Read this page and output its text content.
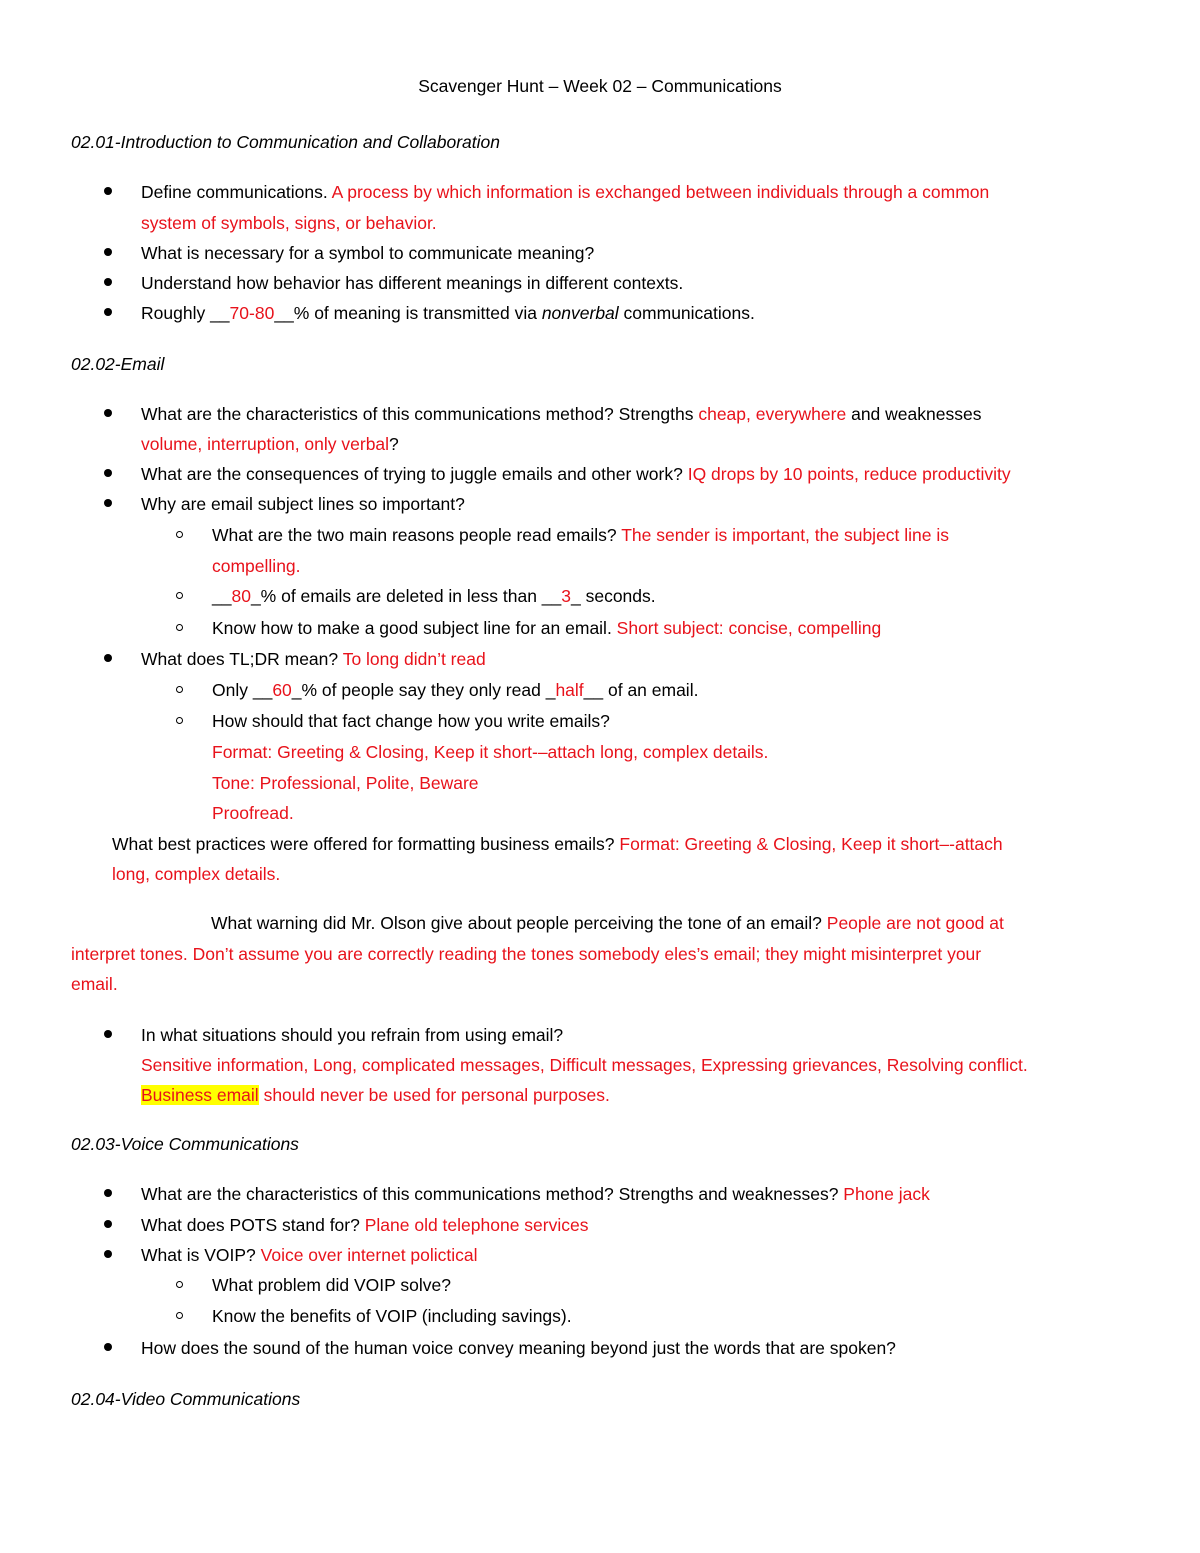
Scavenger Hunt – Week 02 – Communications
02.01-Introduction to Communication and Collaboration
Define communications. A process by which information is exchanged between individuals through a common
system of symbols, signs, or behavior.
What is necessary for a symbol to communicate meaning?
Understand how behavior has different meanings in different contexts.
Roughly __70-80__% of meaning is transmitted via nonverbal communications.
02.02-Email
What are the characteristics of this communications method? Strengths cheap, everywhere and weaknesses
volume, interruption, only verbal?
What are the consequences of trying to juggle emails and other work? IQ drops by 10 points, reduce productivity
Why are email subject lines so important?
What are the two main reasons people read emails? The sender is important, the subject line is
compelling.
__80_% of emails are deleted in less than __3_ seconds.
Know how to make a good subject line for an email. Short subject: concise, compelling
What does TL;DR mean? To long didn’t read
Only __60_% of people say they only read _half__ of an email.
How should that fact change how you write emails?
Format: Greeting & Closing, Keep it short-–attach long, complex details.
Tone: Professional, Polite, Beware
Proofread.
What best practices were offered for formatting business emails? Format: Greeting & Closing, Keep it short–-attach
long, complex details.
What warning did Mr. Olson give about people perceiving the tone of an email? People are not good at
interpret tones. Don’t assume you are correctly reading the tones somebody eles’s email; they might misinterpret your
email.
In what situations should you refrain from using email?
Sensitive information, Long, complicated messages, Difficult messages, Expressing grievances, Resolving conflict.
Business email should never be used for personal purposes.
02.03-Voice Communications
What are the characteristics of this communications method? Strengths and weaknesses? Phone jack
What does POTS stand for? Plane old telephone services
What is VOIP? Voice over internet polictical
What problem did VOIP solve?
Know the benefits of VOIP (including savings).
How does the sound of the human voice convey meaning beyond just the words that are spoken?
02.04-Video Communications
